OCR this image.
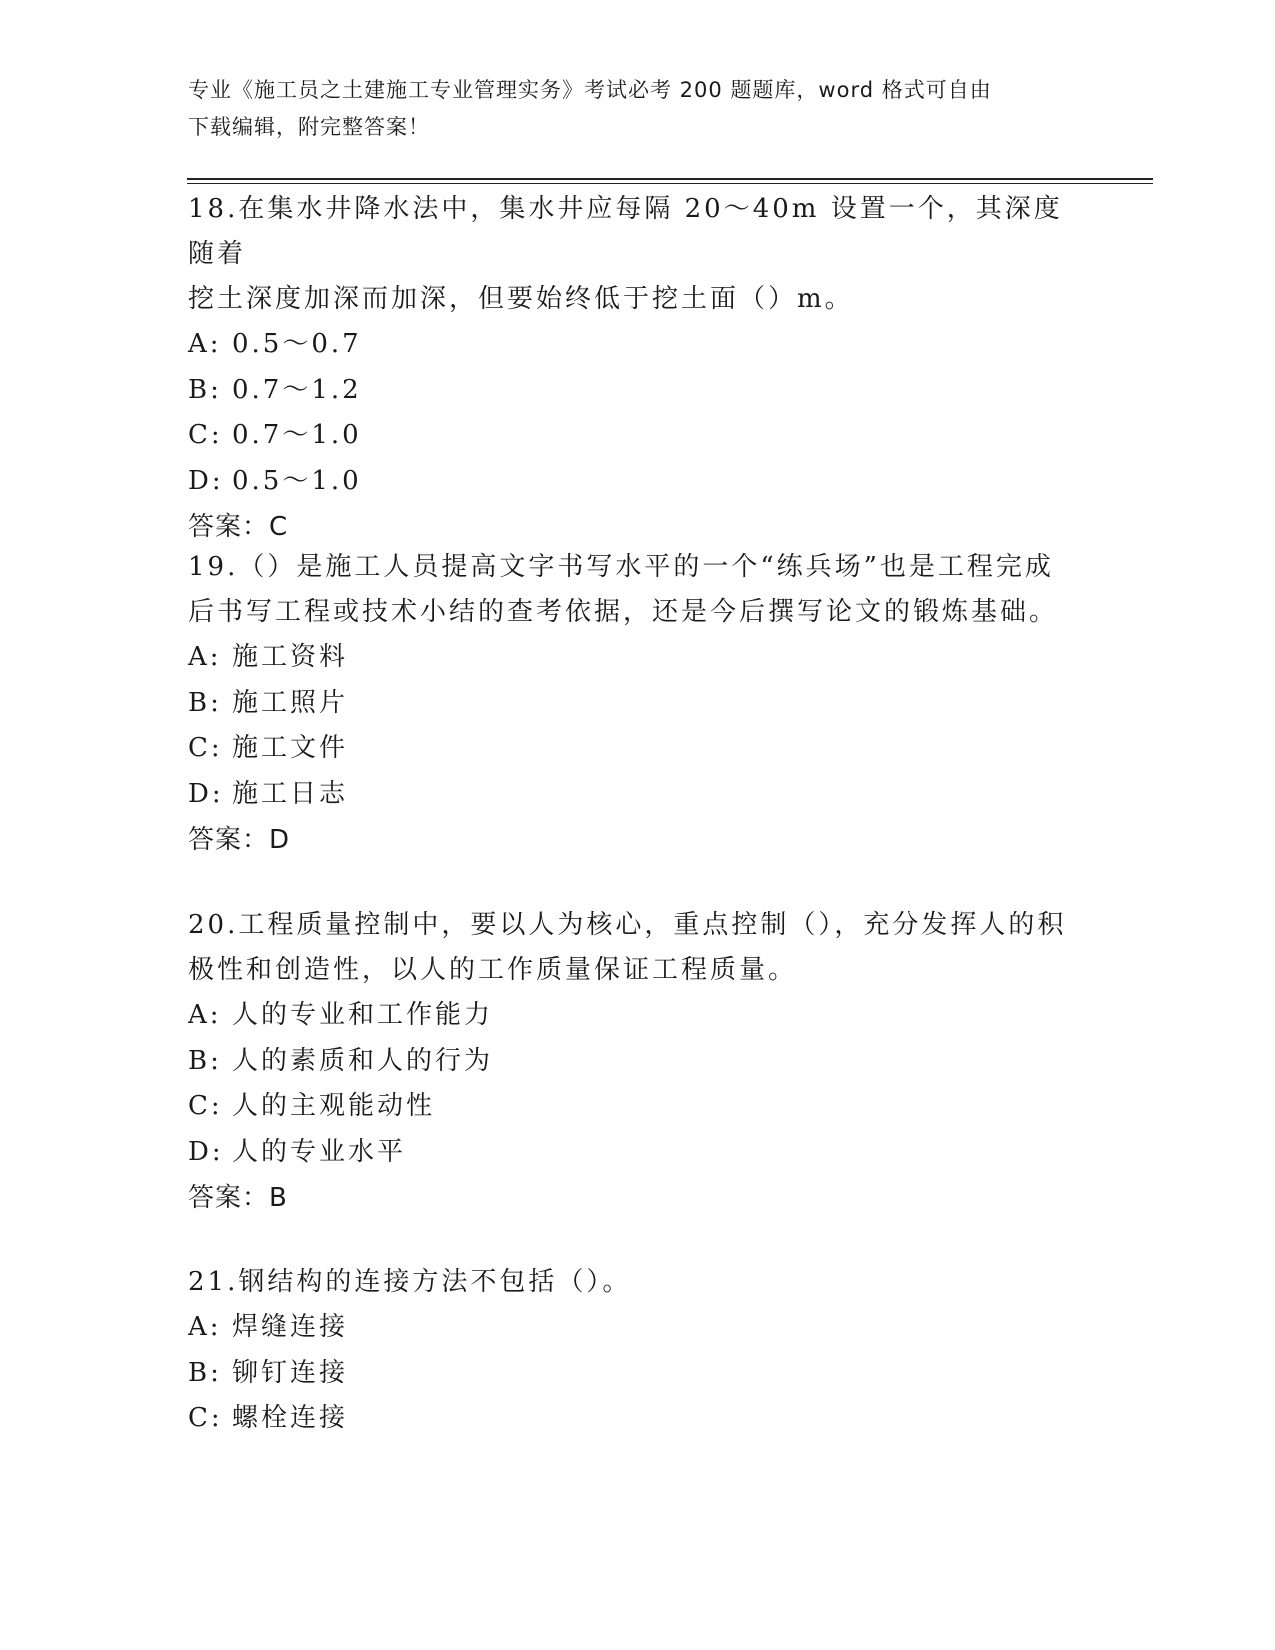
专业《施工员之土建施工专业管理实务》考试必考 200 题题库，word 格式可自由
下载编辑，附完整答案！

18.在集水井降水法中，集水井应每隔 20～40m 设置一个，其深度随着

挖土深度加深而加深，但要始终低于挖土面（）m。

A: 0.5～0.7

B: 0.7～1.2

C: 0.7～1.0

D: 0.5～1.0

答案：C

19.（）是施工人员提高文字书写水平的一个“练兵场”也是工程完成

后书写工程或技术小结的查考依据，还是今后撰写论文的锻炼基础。

A: 施工资料

B: 施工照片

C: 施工文件

D: 施工日志

答案：D

20.工程质量控制中，要以人为核心，重点控制（），充分发挥人的积

极性和创造性，以人的工作质量保证工程质量。

A: 人的专业和工作能力

B: 人的素质和人的行为

C: 人的主观能动性

D: 人的专业水平

答案：B

21.钢结构的连接方法不包括（）。

A: 焊缝连接

B: 铆钉连接

C: 螺栓连接
